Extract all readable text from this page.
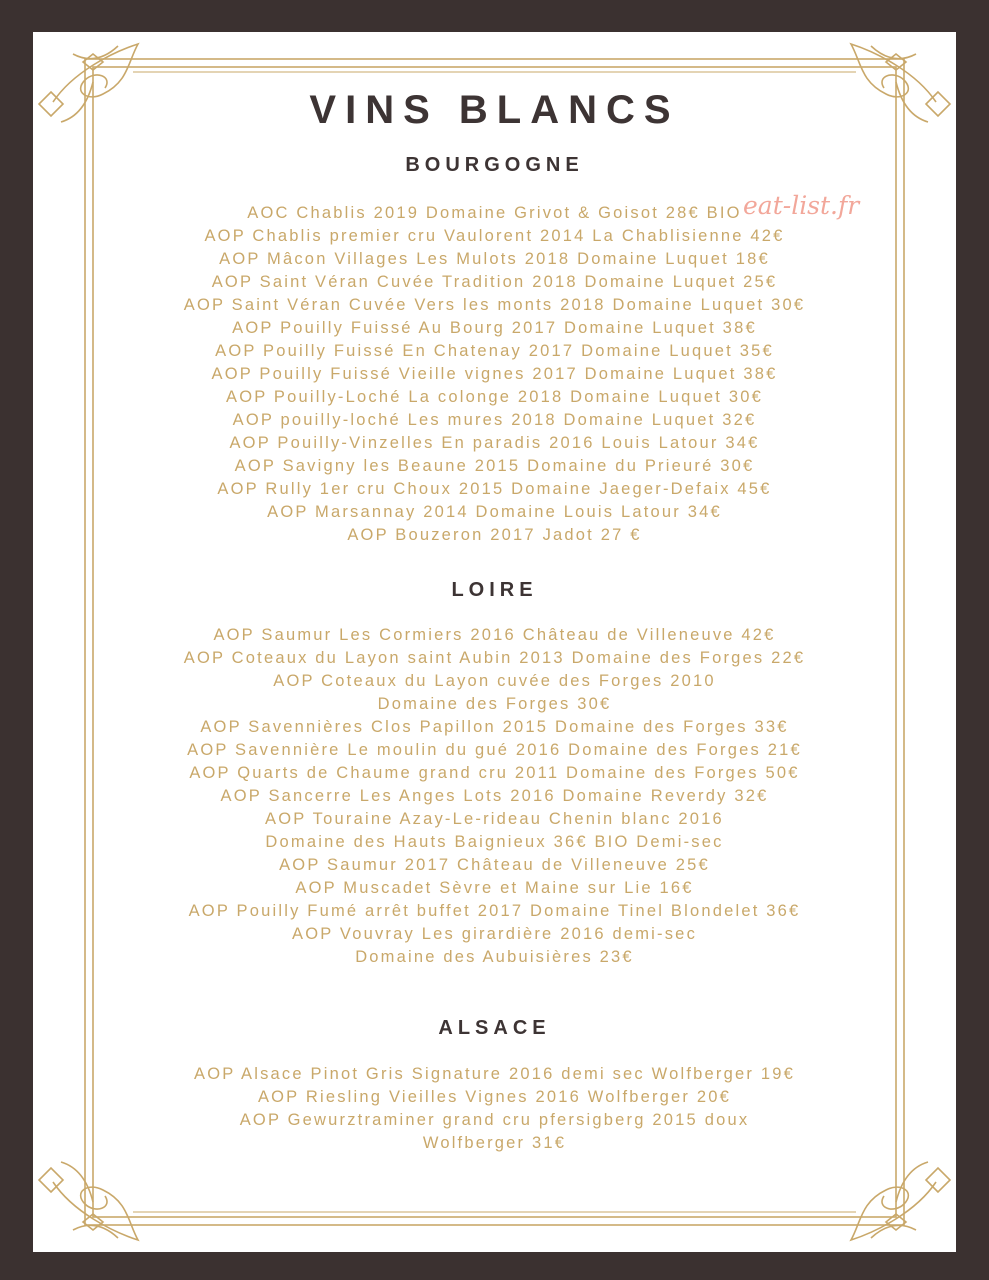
VINS BLANCS
BOURGOGNE
AOC Chablis 2019 Domaine Grivot & Goisot 28€ BIO
AOP Chablis premier cru Vaulorent 2014 La Chablisienne 42€
AOP Mâcon Villages Les Mulots 2018 Domaine Luquet 18€
AOP Saint Véran Cuvée Tradition 2018 Domaine Luquet 25€
AOP Saint Véran Cuvée Vers les monts 2018 Domaine Luquet 30€
AOP Pouilly Fuissé Au Bourg 2017 Domaine Luquet 38€
AOP Pouilly Fuissé En Chatenay 2017 Domaine Luquet 35€
AOP Pouilly Fuissé Vieille vignes 2017 Domaine Luquet 38€
AOP Pouilly-Loché La colonge 2018 Domaine Luquet 30€
AOP pouilly-loché Les mures 2018 Domaine Luquet 32€
AOP Pouilly-Vinzelles En paradis 2016 Louis Latour 34€
AOP Savigny les Beaune 2015 Domaine du Prieuré 30€
AOP Rully 1er cru Choux 2015 Domaine Jaeger-Defaix 45€
AOP Marsannay 2014 Domaine Louis Latour 34€
AOP Bouzeron 2017 Jadot 27 €
LOIRE
AOP Saumur Les Cormiers 2016 Château de Villeneuve 42€
AOP Coteaux du Layon saint Aubin 2013 Domaine des Forges 22€
AOP Coteaux du Layon cuvée des Forges 2010
Domaine des Forges 30€
AOP Savennières Clos Papillon 2015 Domaine des Forges 33€
AOP Savennière Le moulin du gué 2016 Domaine des Forges 21€
AOP Quarts de Chaume grand cru 2011 Domaine des Forges 50€
AOP Sancerre Les Anges Lots 2016 Domaine Reverdy 32€
AOP Touraine Azay-Le-rideau Chenin blanc 2016
Domaine des Hauts Baignieux 36€ BIO Demi-sec
AOP Saumur 2017 Château de Villeneuve 25€
AOP Muscadet Sèvre et Maine sur Lie 16€
AOP Pouilly Fumé arrêt buffet 2017 Domaine Tinel Blondelet 36€
AOP Vouvray Les girardière 2016 demi-sec
Domaine des Aubuisières 23€
ALSACE
AOP Alsace Pinot Gris Signature 2016 demi sec Wolfberger 19€
AOP Riesling Vieilles Vignes 2016 Wolfberger 20€
AOP Gewurztraminer grand cru pfersigberg 2015 doux
Wolfberger 31€
eat-list.fr
